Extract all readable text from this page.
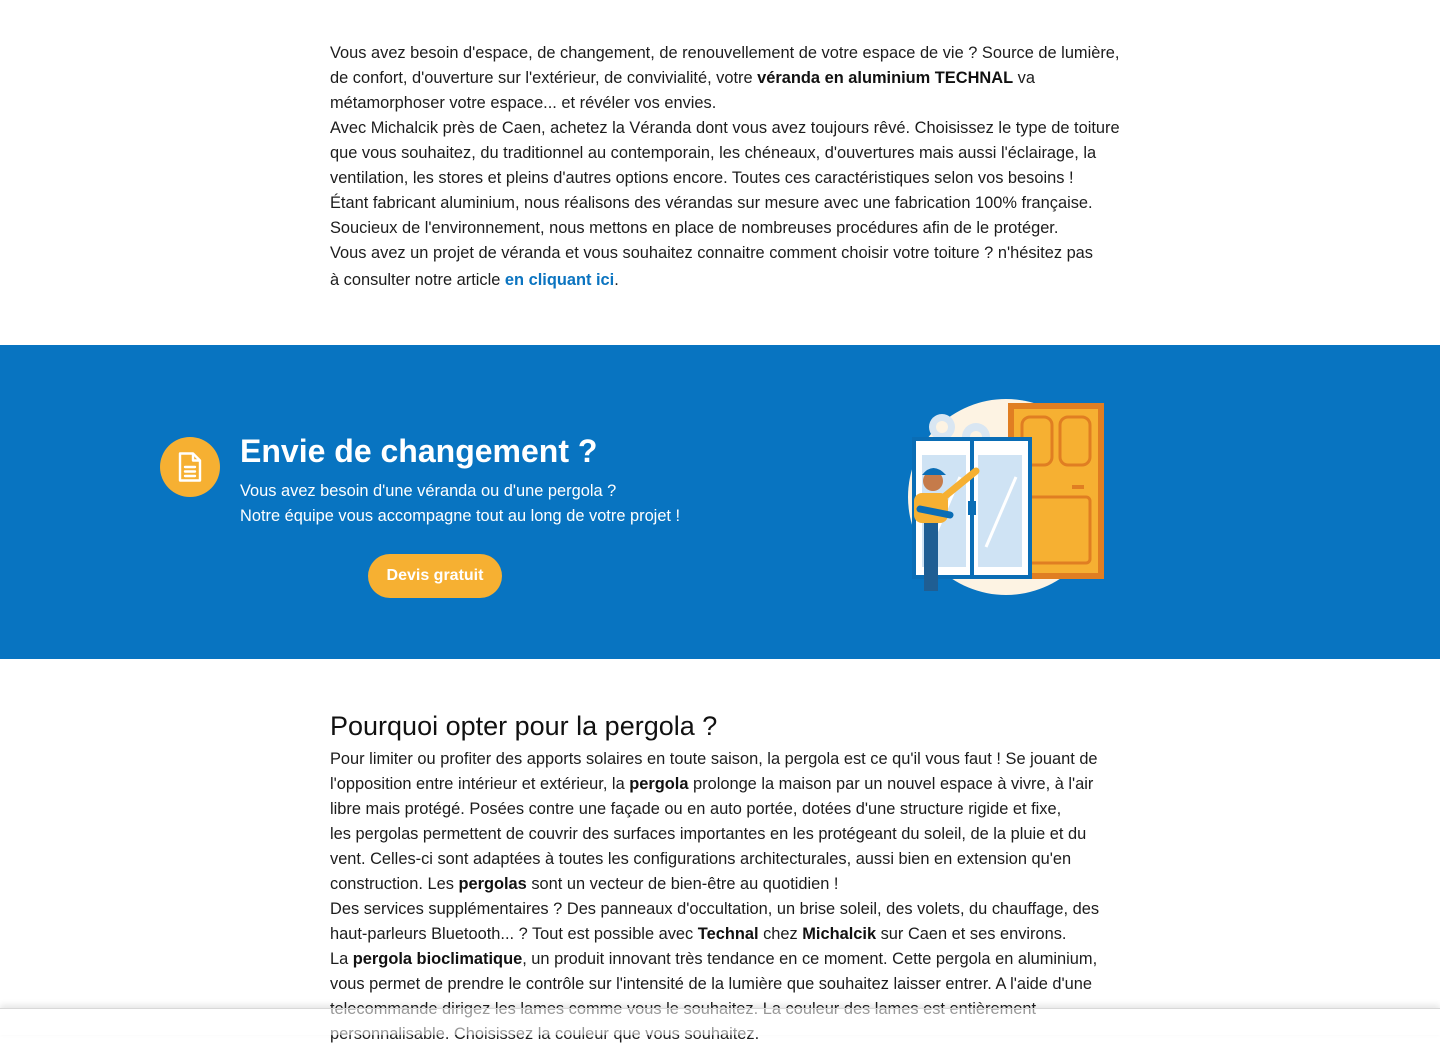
Vous avez besoin d'espace, de changement, de renouvellement de votre espace de vie ? Source de lumière,
de confort, d'ouverture sur l'extérieur, de convivialité, votre véranda en aluminium TECHNAL va
métamorphoser votre espace... et révéler vos envies.
Avec Michalcik près de Caen, achetez la Véranda dont vous avez toujours rêvé. Choisissez le type de toiture
que vous souhaitez, du traditionnel au contemporain, les chéneaux, d'ouvertures mais aussi l'éclairage, la
ventilation, les stores et pleins d'autres options encore. Toutes ces caractéristiques selon vos besoins !
Étant fabricant aluminium, nous réalisons des vérandas sur mesure avec une fabrication 100% française.
Soucieux de l'environnement, nous mettons en place de nombreuses procédures afin de le protéger.
Vous avez un projet de véranda et vous souhaitez connaitre comment choisir votre toiture ? n'hésitez pas
à consulter notre article en cliquant ici.
Envie de changement ?
Vous avez besoin d'une véranda ou d'une pergola ?
Notre équipe vous accompagne tout au long de votre projet !
Devis gratuit
Pourquoi opter pour la pergola ?
Pour limiter ou profiter des apports solaires en toute saison, la pergola est ce qu'il vous faut ! Se jouant de
l'opposition entre intérieur et extérieur, la pergola prolonge la maison par un nouvel espace à vivre, à l'air
libre mais protégé. Posées contre une façade ou en auto portée, dotées d'une structure rigide et fixe,
les pergolas permettent de couvrir des surfaces importantes en les protégeant du soleil, de la pluie et du
vent. Celles-ci sont adaptées à toutes les configurations architecturales, aussi bien en extension qu'en
construction. Les pergolas sont un vecteur de bien-être au quotidien !
Des services supplémentaires ? Des panneaux d'occultation, un brise soleil, des volets, du chauffage, des
haut-parleurs Bluetooth... ? Tout est possible avec Technal chez Michalcik sur Caen et ses environs.
La pergola bioclimatique, un produit innovant très tendance en ce moment. Cette pergola en aluminium,
vous permet de prendre le contrôle sur l'intensité de la lumière que souhaitez laisser entrer. A l'aide d'une
